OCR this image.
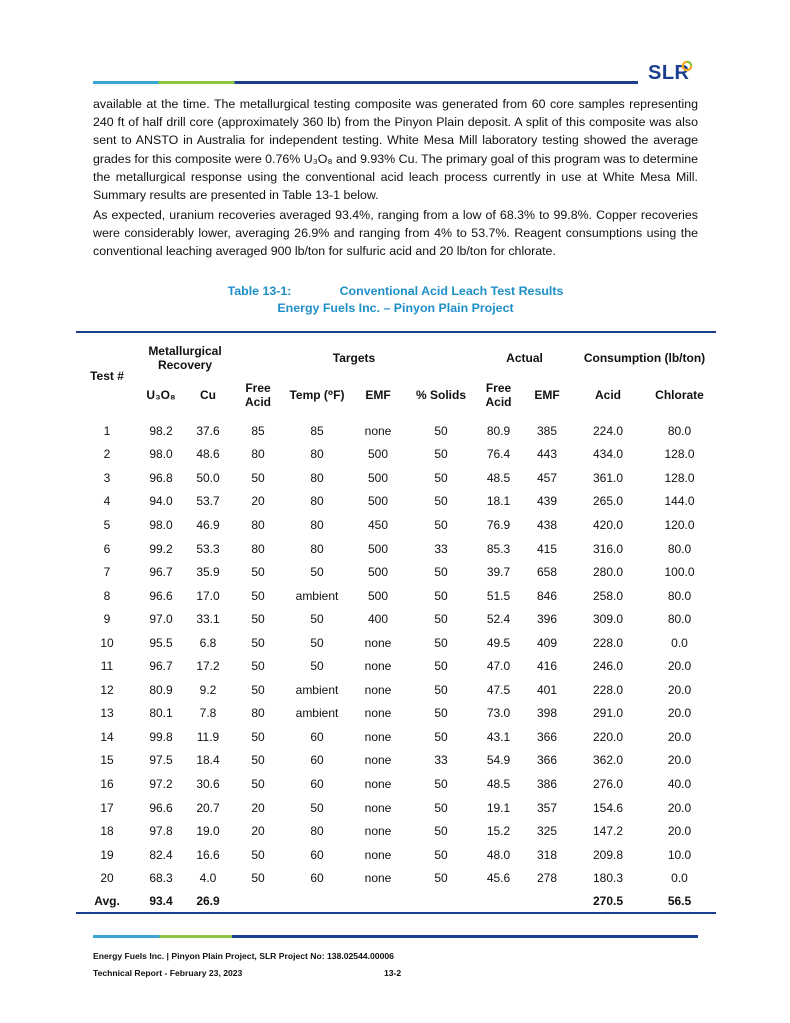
SLR
available at the time. The metallurgical testing composite was generated from 60 core samples representing 240 ft of half drill core (approximately 360 lb) from the Pinyon Plain deposit. A split of this composite was also sent to ANSTO in Australia for independent testing. White Mesa Mill laboratory testing showed the average grades for this composite were 0.76% U₃O₈ and 9.93% Cu. The primary goal of this program was to determine the metallurgical response using the conventional acid leach process currently in use at White Mesa Mill. Summary results are presented in Table 13-1 below.
As expected, uranium recoveries averaged 93.4%, ranging from a low of 68.3% to 99.8%. Copper recoveries were considerably lower, averaging 26.9% and ranging from 4% to 53.7%. Reagent consumptions using the conventional leaching averaged 900 lb/ton for sulfuric acid and 20 lb/ton for chlorate.
Table 13-1:	Conventional Acid Leach Test Results
Energy Fuels Inc. – Pinyon Plain Project
Test #	Metallurgical Recovery		Targets				Actual		Consumption (lb/ton)	
	U₃O₈	Cu	Free Acid	Temp (⁰F)	EMF	% Solids	Free Acid	EMF	Acid	Chlorate
1	98.2	37.6	85	85	none	50	80.9	385	224.0	80.0
2	98.0	48.6	80	80	500	50	76.4	443	434.0	128.0
3	96.8	50.0	50	80	500	50	48.5	457	361.0	128.0
4	94.0	53.7	20	80	500	50	18.1	439	265.0	144.0
5	98.0	46.9	80	80	450	50	76.9	438	420.0	120.0
6	99.2	53.3	80	80	500	33	85.3	415	316.0	80.0
7	96.7	35.9	50	50	500	50	39.7	658	280.0	100.0
8	96.6	17.0	50	ambient	500	50	51.5	846	258.0	80.0
9	97.0	33.1	50	50	400	50	52.4	396	309.0	80.0
10	95.5	6.8	50	50	none	50	49.5	409	228.0	0.0
11	96.7	17.2	50	50	none	50	47.0	416	246.0	20.0
12	80.9	9.2	50	ambient	none	50	47.5	401	228.0	20.0
13	80.1	7.8	80	ambient	none	50	73.0	398	291.0	20.0
14	99.8	11.9	50	60	none	50	43.1	366	220.0	20.0
15	97.5	18.4	50	60	none	33	54.9	366	362.0	20.0
16	97.2	30.6	50	60	none	50	48.5	386	276.0	40.0
17	96.6	20.7	20	50	none	50	19.1	357	154.6	20.0
18	97.8	19.0	20	80	none	50	15.2	325	147.2	20.0
19	82.4	16.6	50	60	none	50	48.0	318	209.8	10.0
20	68.3	4.0	50	60	none	50	45.6	278	180.3	0.0
Avg.	93.4	26.9							270.5	56.5
Energy Fuels Inc. | Pinyon Plain Project, SLR Project No: 138.02544.00006
Technical Report - February 23, 2023	13-2
